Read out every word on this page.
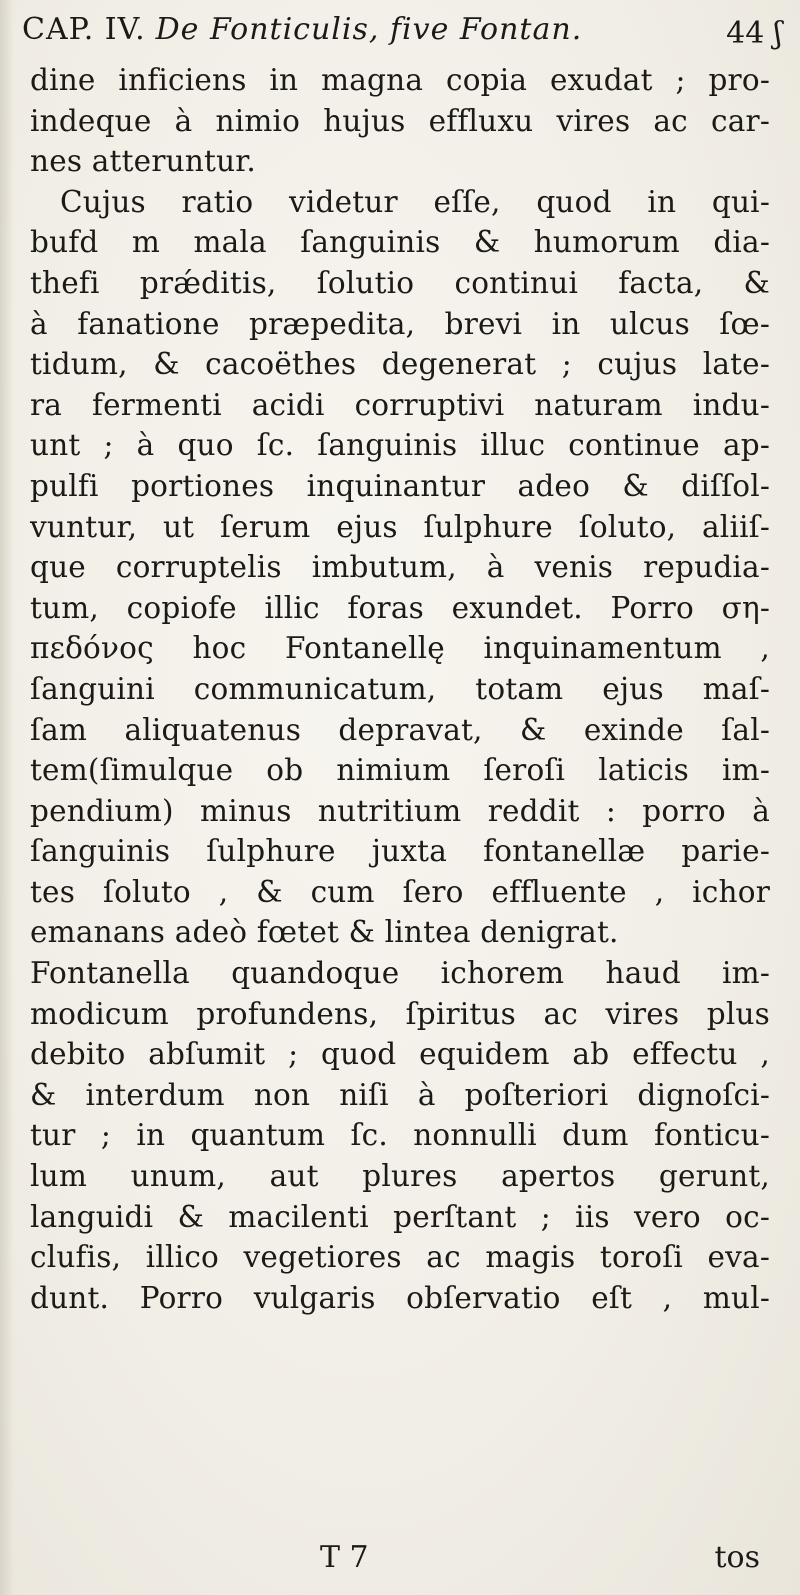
CAP. IV. De Fonticulis, five Fontan.	44 ʃ
dine inficiens in magna copia exudat ; pro-
indeque à nimio hujus effluxu vires ac car-
nes atteruntur.
Cujus ratio videtur eſſe, quod in qui-
bufd m mala ſanguinis & humorum dia-
thefi prǽditis, ſolutio continui facta, &
à fanatione præpedita, brevi in ulcus ſœ-
tidum, & cacoëthes degenerat ; cujus late-
ra fermenti acidi corruptivi naturam indu-
unt ; à quo ſc. ſanguinis illuc continue ap-
pulfi portiones inquinantur adeo & diſſol-
vuntur, ut ſerum ejus ſulphure ſoluto, aliiſ-
que corruptelis imbutum, à venis repudia-
tum, copiofe illic foras exundet. Porro ση-
πεδόνος hoc Fontanellę inquinamentum ,
ſanguini communicatum, totam ejus maſ-
ſam aliquatenus depravat, & exinde ſal-
tem(ſimulque ob nimium ſeroſi laticis im-
pendium) minus nutritium reddit : porro à
ſanguinis ſulphure juxta fontanellæ parie-
tes ſoluto , & cum ſero effluente , ichor
emanans adeò fœtet & lintea denigrat.
Fontanella quandoque ichorem haud im-
modicum profundens, ſpiritus ac vires plus
debito abſumit ; quod equidem ab effectu ,
& interdum non niſi à poſteriori dignoſci-
tur ; in quantum ſc. nonnulli dum fonticu-
lum unum, aut plures apertos gerunt,
languidi & macilenti perſtant ; iis vero oc-
clufis, illico vegetiores ac magis toroſi eva-
dunt. Porro vulgaris obſervatio eſt , mul-
T 7	tos
